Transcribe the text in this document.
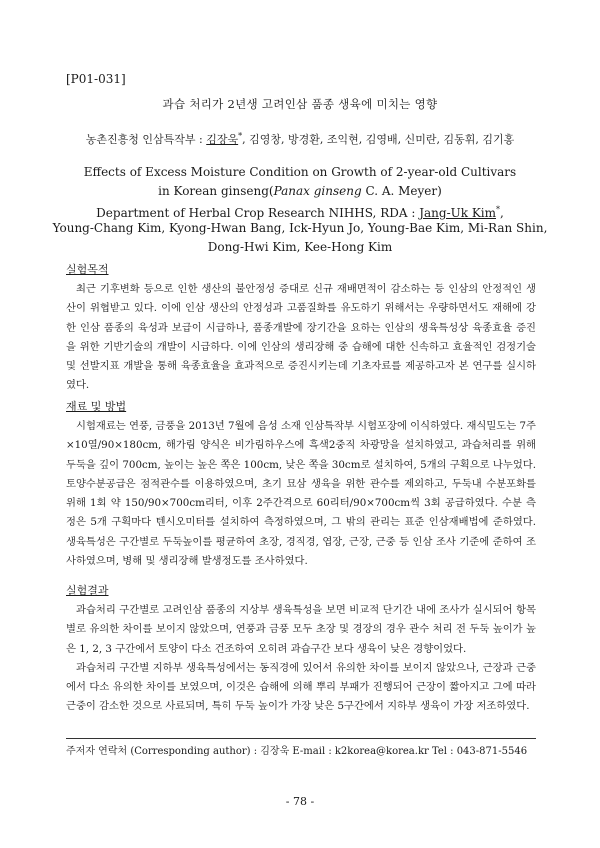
[P01-031]
과습 처리가 2년생 고려인삼 품종 생육에 미치는 영향
농촌진흥청 인삼특작부 : 김장욱*, 김영창, 방경환, 조익현, 김영배, 신미란, 김동휘, 김기홍
Effects of Excess Moisture Condition on Growth of 2-year-old Cultivars
in Korean ginseng(Panax ginseng C. A. Meyer)
Department of Herbal Crop Research NIHHS, RDA : Jang-Uk Kim*,
Young-Chang Kim, Kyong-Hwan Bang, Ick-Hyun Jo, Young-Bae Kim, Mi-Ran Shin,
Dong-Hwi Kim, Kee-Hong Kim
실험목적

최근 기후변화 등으로 인한 생산의 불안정성 증대로 신규 재배면적이 감소하는 등 인삼의 안정적인 생산이 위협받고 있다. 이에 인삼 생산의 안정성과 고품질화를 유도하기 위해서는 우량하면서도 재해에 강한 인삼 품종의 육성과 보급이 시급하나, 품종개발에 장기간을 요하는 인삼의 생육특성상 육종효율 증진을 위한 기반기술의 개발이 시급하다. 이에 인삼의 생리장해 중 습해에 대한 신속하고 효율적인 검정기술 및 선발지표 개발을 통해 육종효율을 효과적으로 증진시키는데 기초자료를 제공하고자 본 연구를 실시하였다.

재료 및 방법

시험재료는 연풍, 금풍을 2013년 7월에 음성 소재 인삼특작부 시험포장에 이식하였다. 재식밀도는 7주×10열/90×180cm, 해가림 양식은 비가림하우스에 흑색2중직 차광망을 설치하였고, 과습처리를 위해 두둑을 깊이 700cm, 높이는 높은 쪽은 100cm, 낮은 쪽을 30cm로 설치하여, 5개의 구획으로 나누었다. 토양수분공급은 점적관수를 이용하였으며, 초기 묘삼 생육을 위한 관수를 제외하고, 두둑내 수분포화를 위해 1회 약 150/90×700cm리터, 이후 2주간격으로 60리터/90×700cm씩 3회 공급하였다. 수분 측정은 5개 구획마다 텐시오미터를 설치하여 측정하였으며, 그 밖의 관리는 표준 인삼재배법에 준하였다. 생육특성은 구간별로 두둑높이를 평균하여 초장, 경직경, 엽장, 근장, 근중 등 인삼 조사 기준에 준하여 조사하였으며, 병해 및 생리장해 발생정도를 조사하였다.

실험결과

과습처리 구간별로 고려인삼 품종의 지상부 생육특성을 보면 비교적 단기간 내에 조사가 실시되어 항목별로 유의한 차이를 보이지 않았으며, 연풍과 금풍 모두 초장 및 경장의 경우 관수 처리 전 두둑 높이가 높은 1, 2, 3 구간에서 토양이 다소 건조하여 오히려 과습구간 보다 생육이 낮은 경향이었다.

과습처리 구간별 지하부 생육특성에서는 동직경에 있어서 유의한 차이를 보이지 않았으나, 근장과 근중에서 다소 유의한 차이를 보였으며, 이것은 습해에 의해 뿌리 부패가 진행되어 근장이 짧아지고 그에 따라 근중이 감소한 것으로 사료되며, 특히 두둑 높이가 가장 낮은 5구간에서 지하부 생육이 가장 저조하였다.

주저자 연락처 (Corresponding author) : 김장욱 E-mail : k2korea@korea.kr Tel : 043-871-5546
- 78 -
